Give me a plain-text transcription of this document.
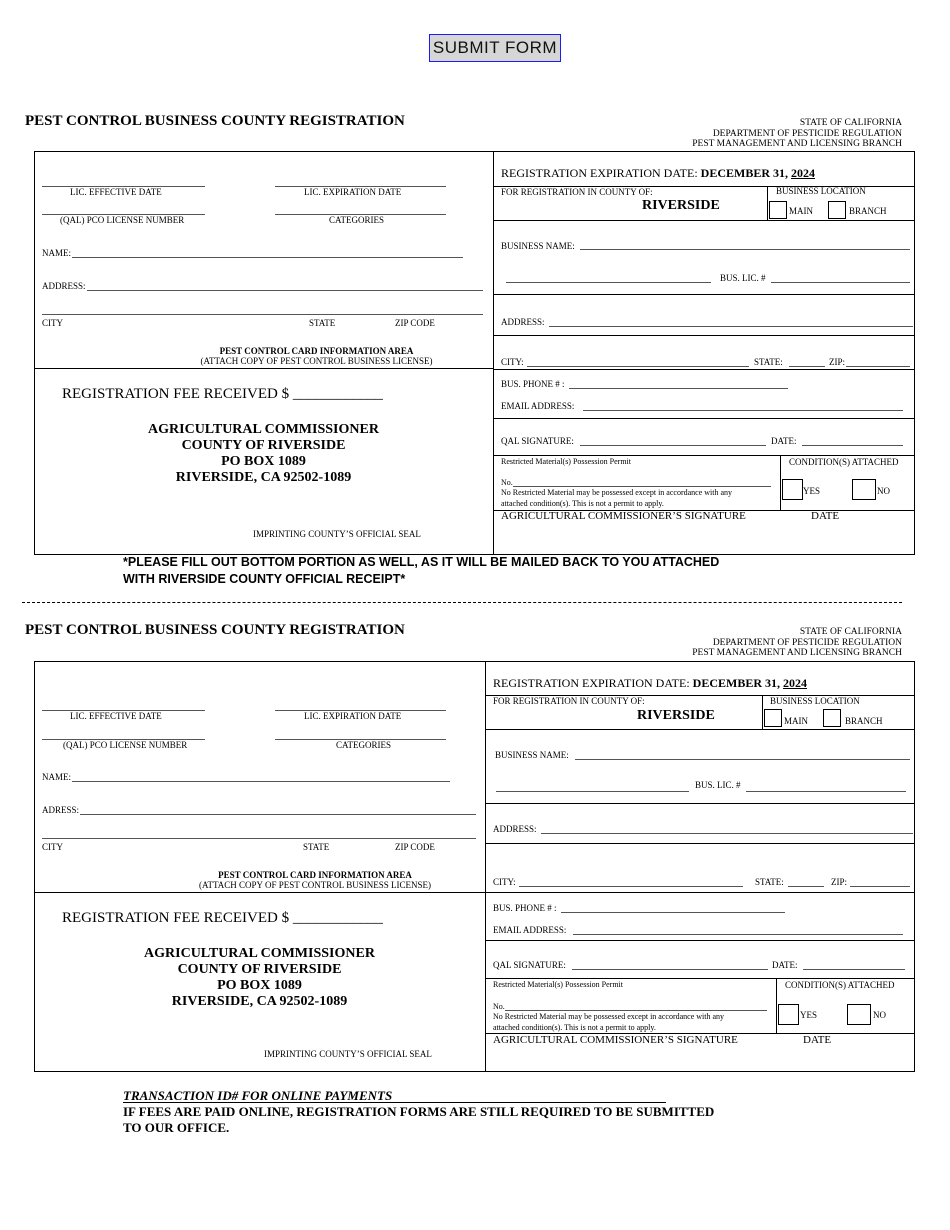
SUBMIT FORM
PEST CONTROL BUSINESS COUNTY REGISTRATION	STATE OF CALIFORNIA
DEPARTMENT OF PESTICIDE REGULATION
PEST MANAGEMENT AND LICENSING BRANCH
LIC. EFFECTIVE DATE	LIC. EXPIRATION DATE
(QAL) PCO LICENSE NUMBER	CATEGORIES
NAME:
ADDRESS:
CITY	STATE	ZIP CODE
PEST CONTROL CARD INFORMATION AREA
(ATTACH COPY OF PEST CONTROL BUSINESS LICENSE)
REGISTRATION FEE RECEIVED $ ____________
AGRICULTURAL COMMISSIONER
COUNTY OF RIVERSIDE
PO BOX 1089
RIVERSIDE, CA 92502-1089
IMPRINTING COUNTY’S OFFICIAL SEAL
REGISTRATION EXPIRATION DATE: DECEMBER 31, 2024
FOR REGISTRATION IN COUNTY OF:
RIVERSIDE
BUSINESS LOCATION
MAIN	BRANCH
BUSINESS NAME:
BUS. LIC. #
ADDRESS:
CITY:	STATE:	ZIP:
BUS. PHONE # :
EMAIL ADDRESS:
QAL SIGNATURE:	DATE:
Restricted Material(s) Possession Permit	CONDITION(S) ATTACHED
No.
No Restricted Material may be possessed except in accordance with any
attached condition(s). This is not a permit to apply.
YES	NO
AGRICULTURAL COMMISSIONER’S SIGNATURE	DATE
*PLEASE FILL OUT BOTTOM PORTION AS WELL, AS IT WILL BE MAILED BACK TO YOU ATTACHED
WITH RIVERSIDE COUNTY OFFICIAL RECEIPT*
PEST CONTROL BUSINESS COUNTY REGISTRATION	STATE OF CALIFORNIA
DEPARTMENT OF PESTICIDE REGULATION
PEST MANAGEMENT AND LICENSING BRANCH
LIC. EFFECTIVE DATE	LIC. EXPIRATION DATE
(QAL) PCO LICENSE NUMBER	CATEGORIES
NAME:
ADRESS:
CITY	STATE	ZIP CODE
PEST CONTROL CARD INFORMATION AREA
(ATTACH COPY OF PEST CONTROL BUSINESS LICENSE)
REGISTRATION FEE RECEIVED $ ____________
AGRICULTURAL COMMISSIONER
COUNTY OF RIVERSIDE
PO BOX 1089
RIVERSIDE, CA 92502-1089
IMPRINTING COUNTY’S OFFICIAL SEAL
REGISTRATION EXPIRATION DATE: DECEMBER 31, 2024
FOR REGISTRATION IN COUNTY OF:
RIVERSIDE
BUSINESS LOCATION
MAIN	BRANCH
BUSINESS NAME:
BUS. LIC. #
ADDRESS:
CITY:	STATE:	ZIP:
BUS. PHONE # :
EMAIL ADDRESS:
QAL SIGNATURE:	DATE:
Restricted Material(s) Possession Permit	CONDITION(S) ATTACHED
No.
No Restricted Material may be possessed except in accordance with any
attached condition(s). This is not a permit to apply.
YES	NO
AGRICULTURAL COMMISSIONER’S SIGNATURE	DATE
TRANSACTION ID# FOR ONLINE PAYMENTS
IF FEES ARE PAID ONLINE, REGISTRATION FORMS ARE STILL REQUIRED TO BE SUBMITTED
TO OUR OFFICE.
